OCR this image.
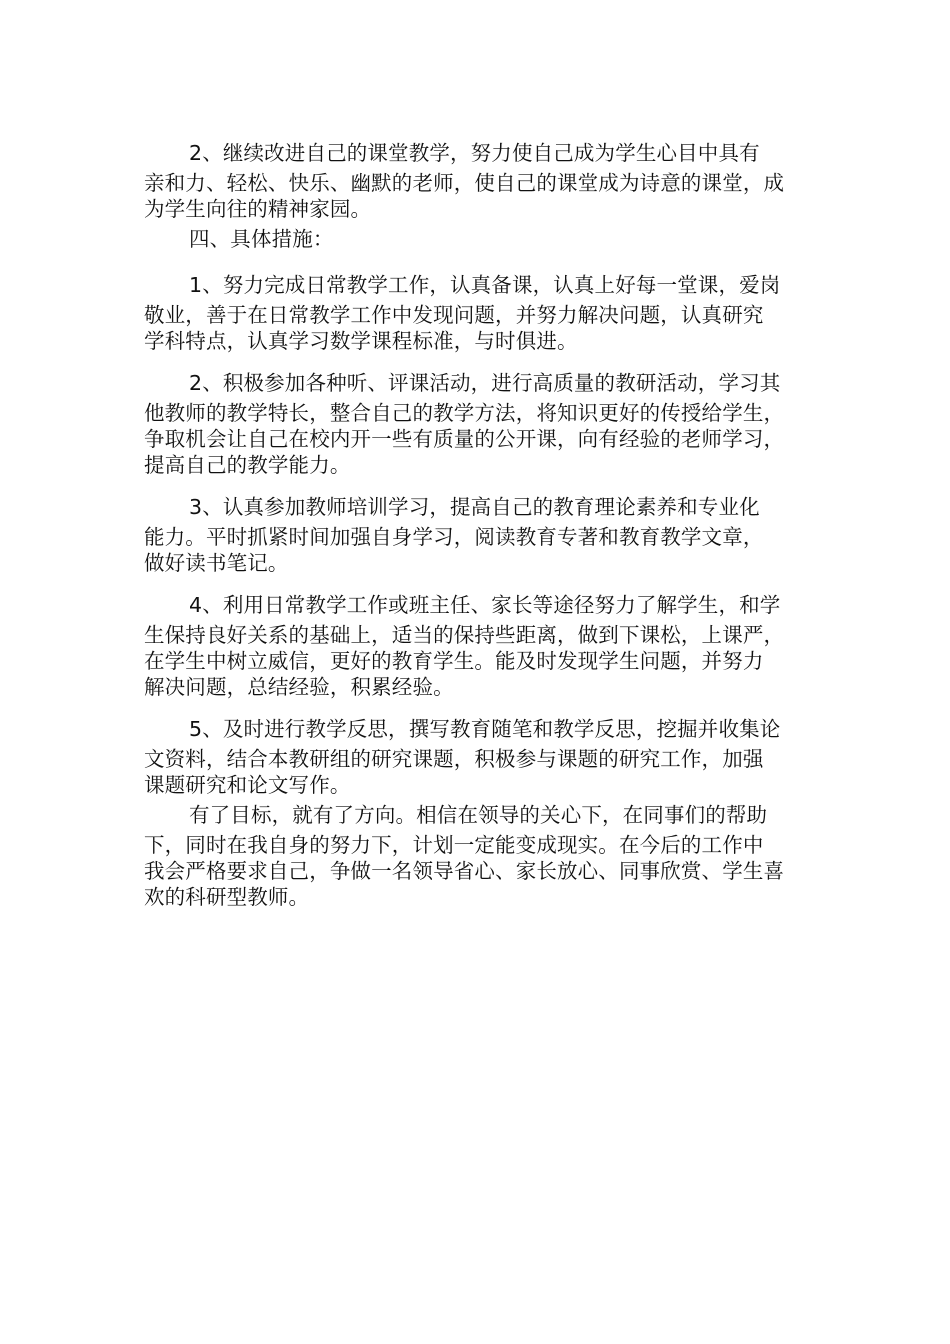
2、继续改进自己的课堂教学，努力使自己成为学生心目中具有
亲和力、轻松、快乐、幽默的老师，使自己的课堂成为诗意的课堂，成
为学生向往的精神家园。

四、具体措施：

1、努力完成日常教学工作，认真备课，认真上好每一堂课，爱岗
敬业，善于在日常教学工作中发现问题，并努力解决问题，认真研究
学科特点，认真学习数学课程标准，与时俱进。

2、积极参加各种听、评课活动，进行高质量的教研活动，学习其
他教师的教学特长，整合自己的教学方法，将知识更好的传授给学生，
争取机会让自己在校内开一些有质量的公开课，向有经验的老师学习，
提高自己的教学能力。

3、认真参加教师培训学习，提高自己的教育理论素养和专业化
能力。平时抓紧时间加强自身学习，阅读教育专著和教育教学文章，
做好读书笔记。

4、利用日常教学工作或班主任、家长等途径努力了解学生，和学
生保持良好关系的基础上，适当的保持些距离，做到下课松，上课严，
在学生中树立威信，更好的教育学生。能及时发现学生问题，并努力
解决问题，总结经验，积累经验。

5、及时进行教学反思，撰写教育随笔和教学反思，挖掘并收集论
文资料，结合本教研组的研究课题，积极参与课题的研究工作，加强
课题研究和论文写作。

有了目标，就有了方向。相信在领导的关心下，在同事们的帮助
下，同时在我自身的努力下，计划一定能变成现实。在今后的工作中
我会严格要求自己，争做一名领导省心、家长放心、同事欣赏、学生喜
欢的科研型教师。
